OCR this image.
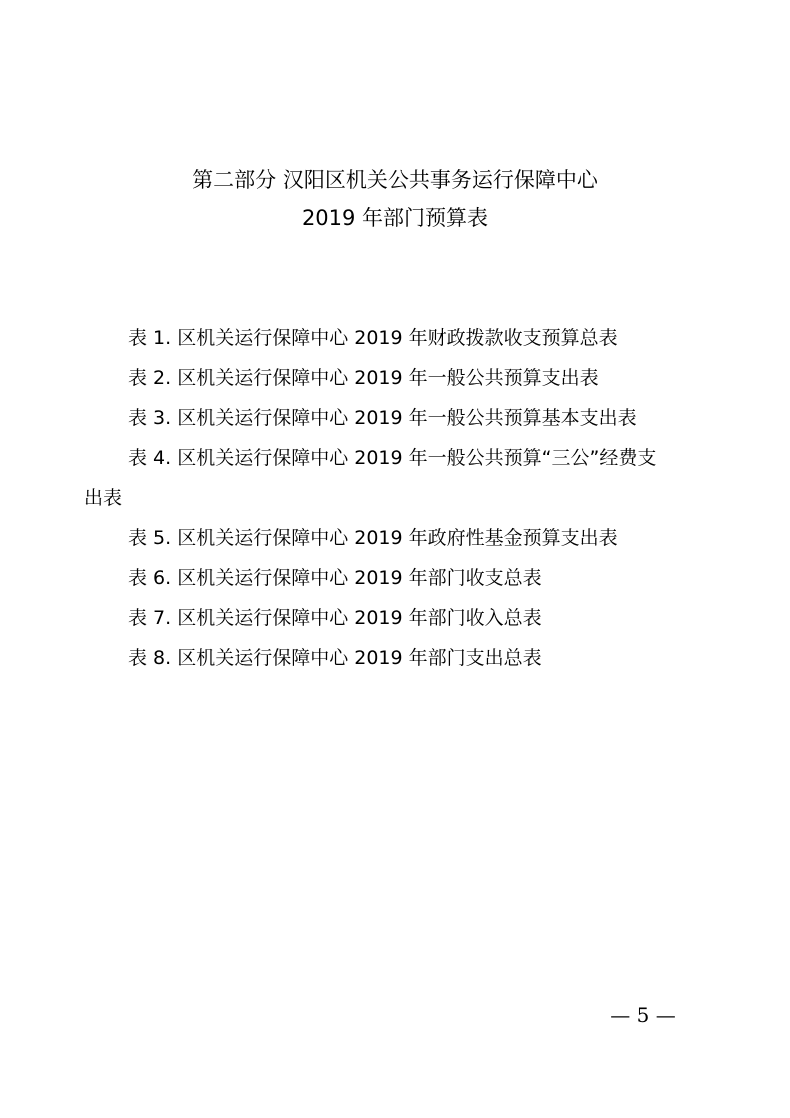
第二部分 汉阳区机关公共事务运行保障中心
2019 年部门预算表
表 1. 区机关运行保障中心 2019 年财政拨款收支预算总表
表 2. 区机关运行保障中心 2019 年一般公共预算支出表
表 3. 区机关运行保障中心 2019 年一般公共预算基本支出表
表 4. 区机关运行保障中心 2019 年一般公共预算“三公”经费支
出表
表 5. 区机关运行保障中心 2019 年政府性基金预算支出表
表 6. 区机关运行保障中心 2019 年部门收支总表
表 7. 区机关运行保障中心 2019 年部门收入总表
表 8. 区机关运行保障中心 2019 年部门支出总表
— 5 —
